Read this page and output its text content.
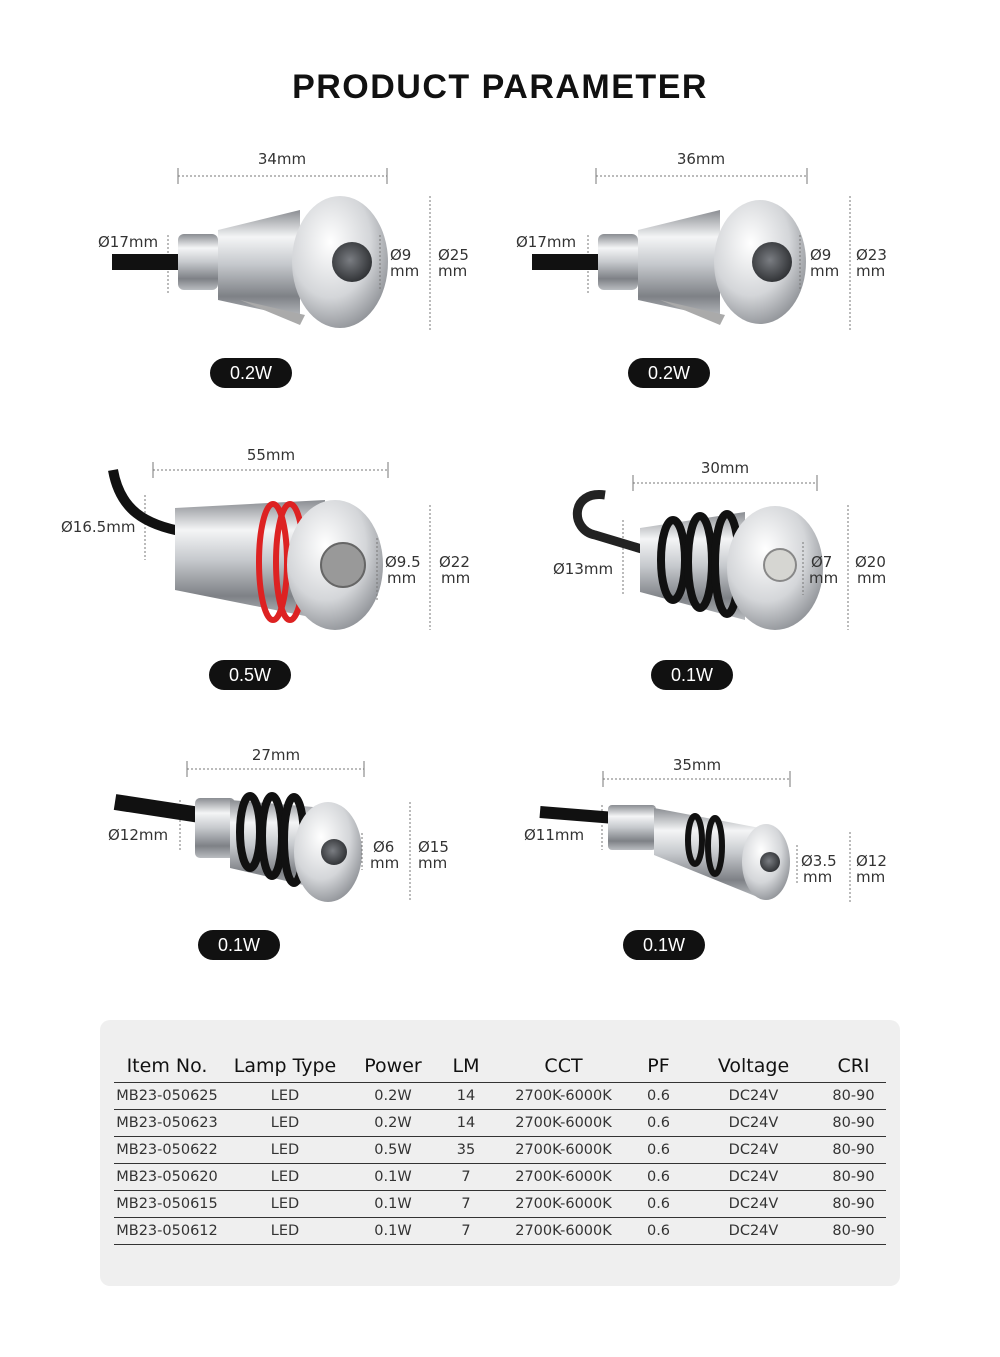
PRODUCT PARAMETER
34mm
Ø17mm
Ø9
mm
Ø25
mm
0.2W
36mm
Ø17mm
Ø9
mm
Ø23
mm
0.2W
55mm
Ø16.5mm
Ø9.5
mm
Ø22
mm
0.5W
30mm
Ø13mm	Ø7
mm
Ø20
mm
0.1W
27mm
Ø12mm
Ø6
mm
Ø15
mm
0.1W
35mm
Ø11mm
Ø3.5
mm
Ø12
mm
0.1W
Item No.	Lamp Type	Power	LM	CCT	PF	Voltage	CRI
MB23-050625	LED	0.2W	14	2700K-6000K	0.6	DC24V	80-90
MB23-050623	LED	0.2W	14	2700K-6000K	0.6	DC24V	80-90
MB23-050622	LED	0.5W	35	2700K-6000K	0.6	DC24V	80-90
MB23-050620	LED	0.1W	7	2700K-6000K	0.6	DC24V	80-90
MB23-050615	LED	0.1W	7	2700K-6000K	0.6	DC24V	80-90
MB23-050612	LED	0.1W	7	2700K-6000K	0.6	DC24V	80-90
